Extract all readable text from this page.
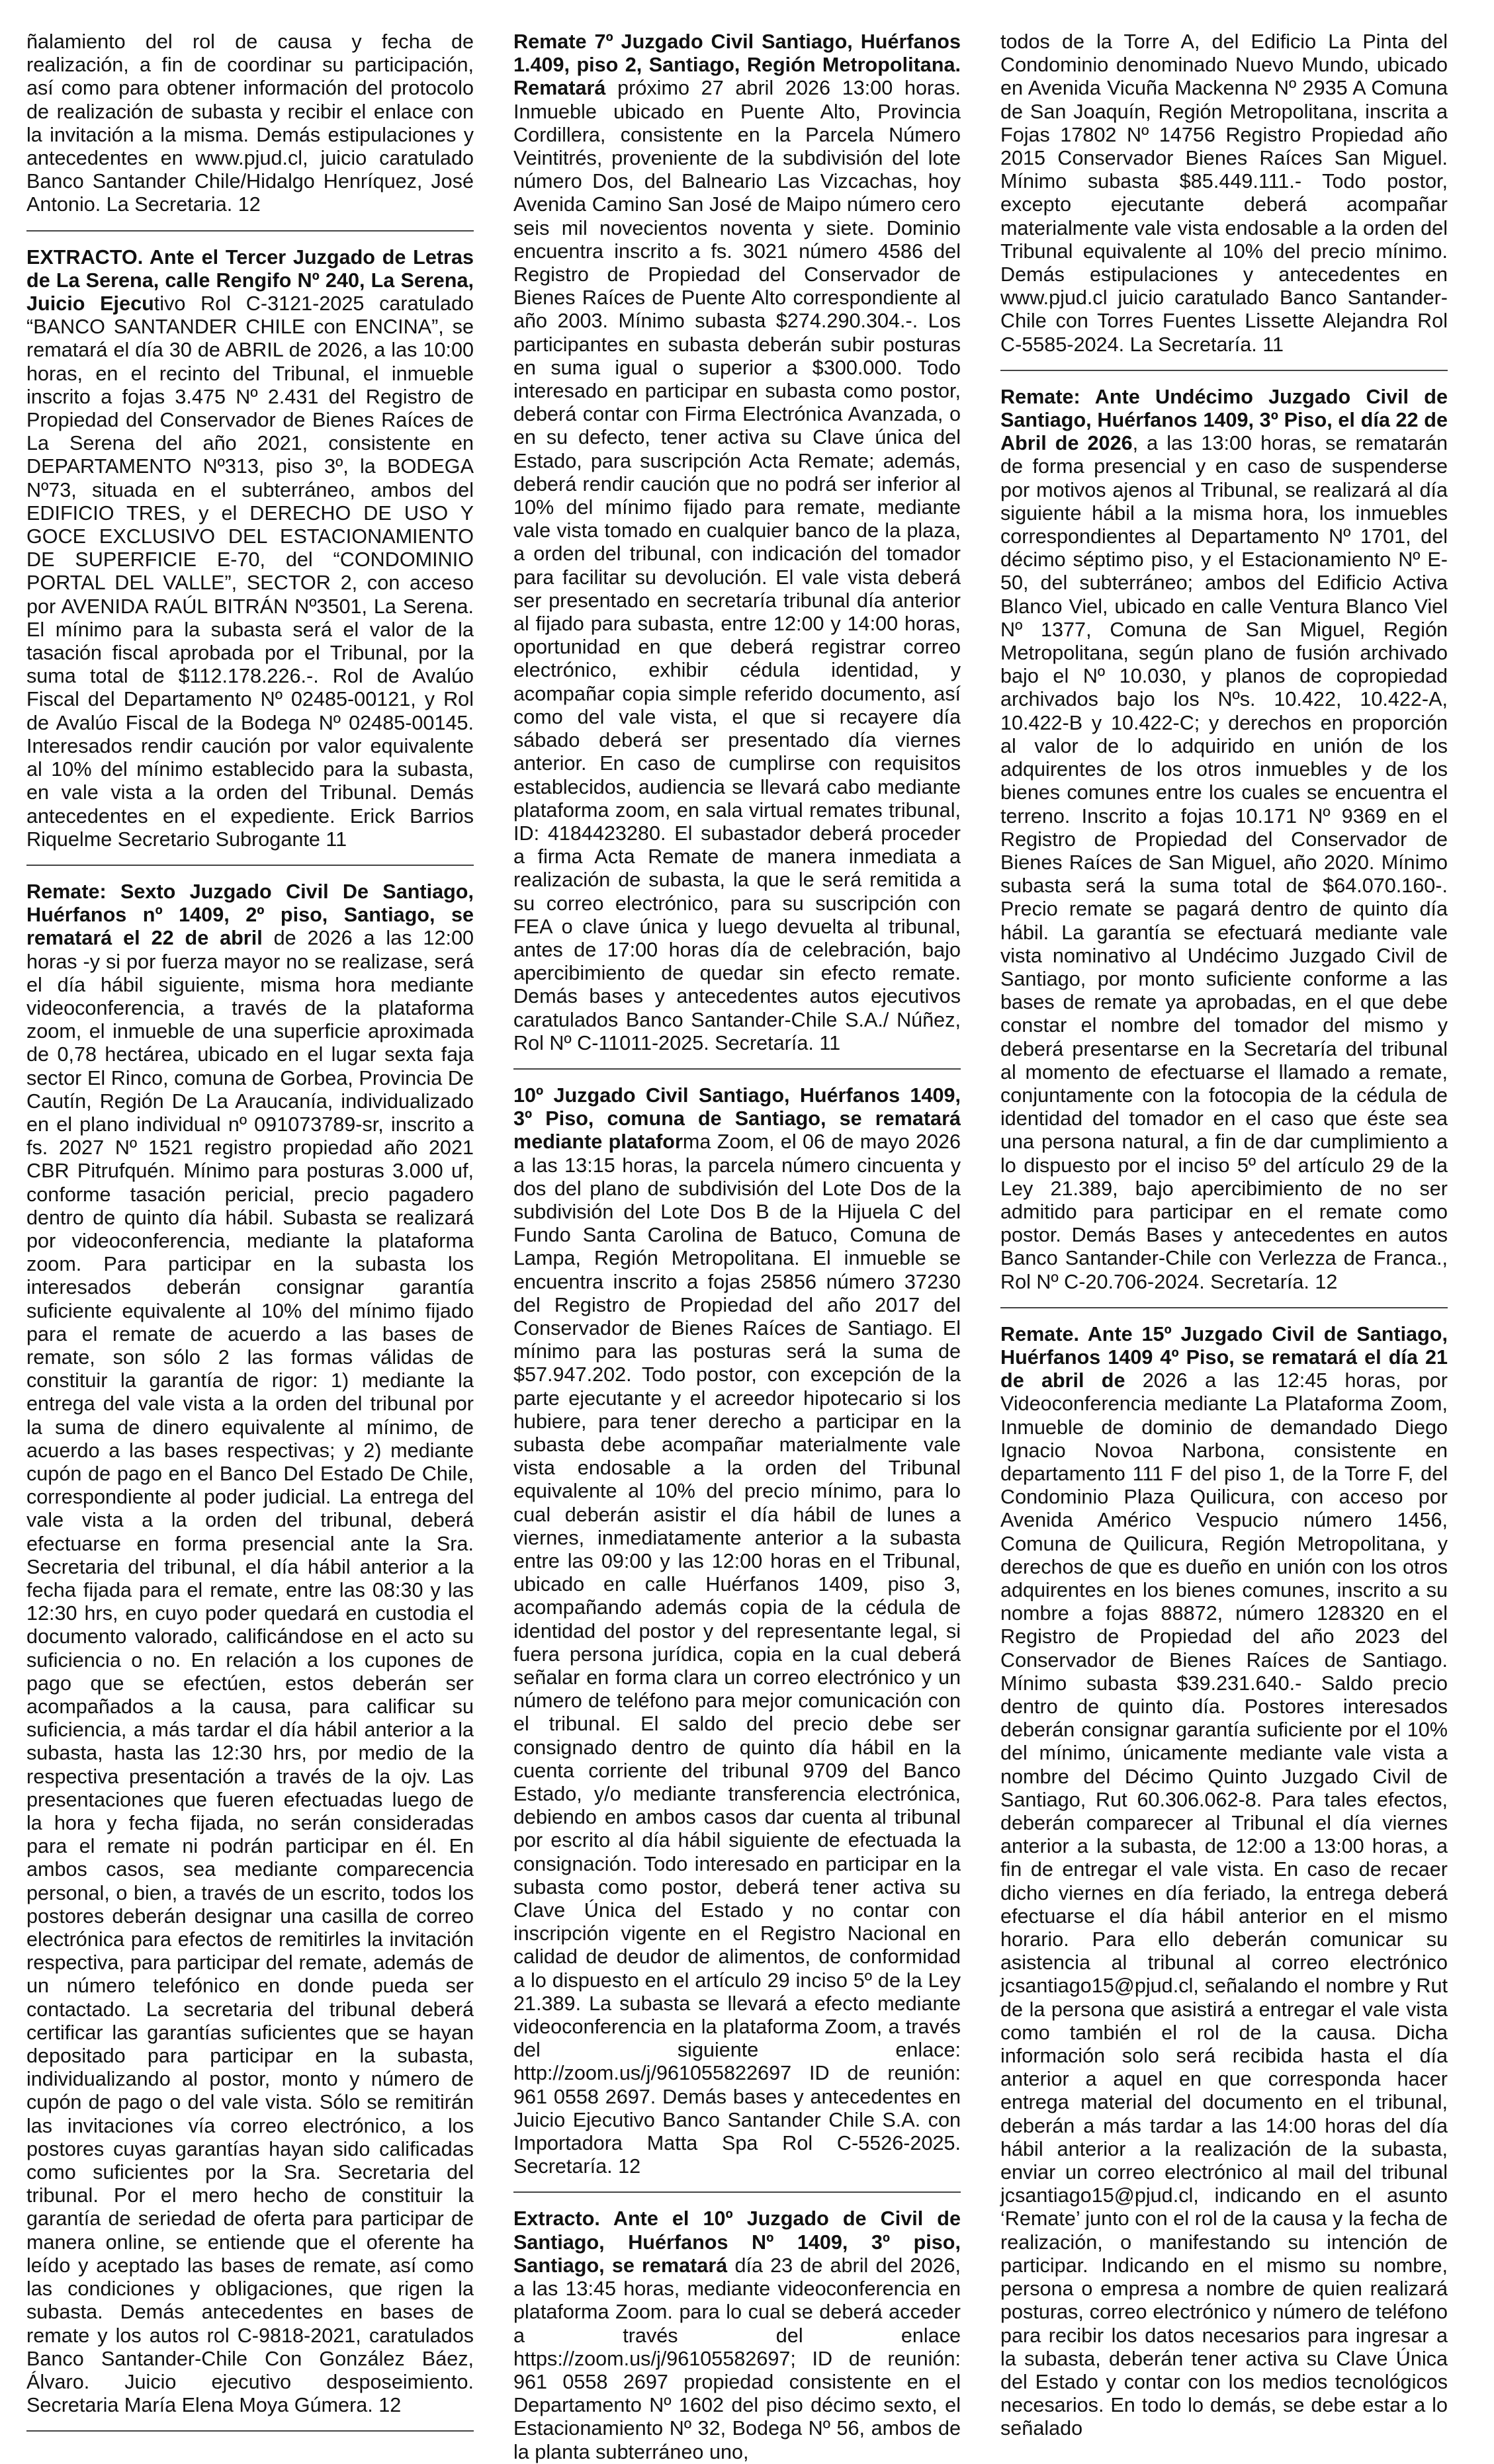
ñalamiento del rol de causa y fecha de realización, a fin de coordinar su participación, así como para obtener información del protocolo de realización de subasta y recibir el enlace con la invitación a la misma. Demás estipulaciones y antecedentes en www.pjud.cl, juicio caratulado Banco Santander Chile/Hidalgo Henríquez, José Antonio. La Secretaria. 12

EXTRACTO. Ante el Tercer Juzgado de Letras de La Serena, calle Rengifo Nº 240, La Serena, Juicio Ejecutivo Rol C-3121-2025 caratulado “BANCO SANTANDER CHILE con ENCINA”, se rematará el día 30 de ABRIL de 2026, a las 10:00 horas, en el recinto del Tribunal, el inmueble inscrito a fojas 3.475 Nº 2.431 del Registro de Propiedad del Conservador de Bienes Raíces de La Serena del año 2021, consistente en DEPARTAMENTO Nº313, piso 3º, la BODEGA Nº73, situada en el subterráneo, ambos del EDIFICIO TRES, y el DERECHO DE USO Y GOCE EXCLUSIVO DEL ESTACIONAMIENTO DE SUPERFICIE E-70, del “CONDOMINIO PORTAL DEL VALLE”, SECTOR 2, con acceso por AVENIDA RAÚL BITRÁN Nº3501, La Serena. El mínimo para la subasta será el valor de la tasación fiscal aprobada por el Tribunal, por la suma total de $112.178.226.-. Rol de Avalúo Fiscal del Departamento Nº 02485-00121, y Rol de Avalúo Fiscal de la Bodega Nº 02485-00145. Interesados rendir caución por valor equivalente al 10% del mínimo establecido para la subasta, en vale vista a la orden del Tribunal. Demás antecedentes en el expediente. Erick Barrios Riquelme Secretario Subrogante 11

Remate: Sexto Juzgado Civil De Santiago, Huérfanos nº 1409, 2º piso, Santiago, se rematará el 22 de abril de 2026 a las 12:00 horas -y si por fuerza mayor no se realizase, será el día hábil siguiente, misma hora mediante videoconferencia, a través de la plataforma zoom, el inmueble de una superficie aproximada de 0,78 hectárea, ubicado en el lugar sexta faja sector El Rinco, comuna de Gorbea, Provincia De Cautín, Región De La Araucanía, individualizado en el plano individual nº 091073789-sr, inscrito a fs. 2027 Nº 1521 registro propiedad año 2021 CBR Pitrufquén. Mínimo para posturas 3.000 uf, conforme tasación pericial, precio pagadero dentro de quinto día hábil. Subasta se realizará por videoconferencia, mediante la plataforma zoom. Para participar en la subasta los interesados deberán consignar garantía suficiente equivalente al 10% del mínimo fijado para el remate de acuerdo a las bases de remate, son sólo 2 las formas válidas de constituir la garantía de rigor: 1) mediante la entrega del vale vista a la orden del tribunal por la suma de dinero equivalente al mínimo, de acuerdo a las bases respectivas; y 2) mediante cupón de pago en el Banco Del Estado De Chile, correspondiente al poder judicial. La entrega del vale vista a la orden del tribunal, deberá efectuarse en forma presencial ante la Sra. Secretaria del tribunal, el día hábil anterior a la fecha fijada para el remate, entre las 08:30 y las 12:30 hrs, en cuyo poder quedará en custodia el documento valorado, calificándose en el acto su suficiencia o no. En relación a los cupones de pago que se efectúen, estos deberán ser acompañados a la causa, para calificar su suficiencia, a más tardar el día hábil anterior a la subasta, hasta las 12:30 hrs, por medio de la respectiva presentación a través de la ojv. Las presentaciones que fueren efectuadas luego de la hora y fecha fijada, no serán consideradas para el remate ni podrán participar en él. En ambos casos, sea mediante comparecencia personal, o bien, a través de un escrito, todos los postores deberán designar una casilla de correo electrónica para efectos de remitirles la invitación respectiva, para participar del remate, además de un número telefónico en donde pueda ser contactado. La secretaria del tribunal deberá certificar las garantías suficientes que se hayan depositado para participar en la subasta, individualizando al postor, monto y número de cupón de pago o del vale vista. Sólo se remitirán las invitaciones vía correo electrónico, a los postores cuyas garantías hayan sido calificadas como suficientes por la Sra. Secretaria del tribunal. Por el mero hecho de constituir la garantía de seriedad de oferta para participar de manera online, se entiende que el oferente ha leído y aceptado las bases de remate, así como las condiciones y obligaciones, que rigen la subasta. Demás antecedentes en bases de remate y los autos rol C-9818-2021, caratulados Banco Santander-Chile Con González Báez, Álvaro. Juicio ejecutivo desposeimiento. Secretaria María Elena Moya Gúmera. 12

Remate 7º Juzgado Civil Santiago, Huérfanos 1.409, piso 2, Santiago, Región Metropolitana. Rematará próximo 27 abril 2026 13:00 horas. Inmueble ubicado en Puente Alto, Provincia Cordillera, consistente en la Parcela Número Veintitrés, proveniente de la subdivisión del lote número Dos, del Balneario Las Vizcachas, hoy Avenida Camino San José de Maipo número cero seis mil novecientos noventa y siete. Dominio encuentra inscrito a fs. 3021 número 4586 del Registro de Propiedad del Conservador de Bienes Raíces de Puente Alto correspondiente al año 2003. Mínimo subasta $274.290.304.-. Los participantes en subasta deberán subir posturas en suma igual o superior a $300.000. Todo interesado en participar en subasta como postor, deberá contar con Firma Electrónica Avanzada, o en su defecto, tener activa su Clave única del Estado, para suscripción Acta Remate; además, deberá rendir caución que no podrá ser inferior al 10% del mínimo fijado para remate, mediante vale vista tomado en cualquier banco de la plaza, a orden del tribunal, con indicación del tomador para facilitar su devolución. El vale vista deberá ser presentado en secretaría tribunal día anterior al fijado para subasta, entre 12:00 y 14:00 horas, oportunidad en que deberá registrar correo electrónico, exhibir cédula identidad, y acompañar copia simple referido documento, así como del vale vista, el que si recayere día sábado deberá ser presentado día viernes anterior. En caso de cumplirse con requisitos establecidos, audiencia se llevará cabo mediante plataforma zoom, en sala virtual remates tribunal, ID: 4184423280. El subastador deberá proceder a firma Acta Remate de manera inmediata a realización de subasta, la que le será remitida a su correo electrónico, para su suscripción con FEA o clave única y luego devuelta al tribunal, antes de 17:00 horas día de celebración, bajo apercibimiento de quedar sin efecto remate. Demás bases y antecedentes autos ejecutivos caratulados Banco Santander-Chile S.A./ Núñez, Rol Nº C-11011-2025. Secretaría. 11

10º Juzgado Civil Santiago, Huérfanos 1409, 3º Piso, comuna de Santiago, se rematará mediante plataforma Zoom, el 06 de mayo 2026 a las 13:15 horas, la parcela número cincuenta y dos del plano de subdivisión del Lote Dos de la subdivisión del Lote Dos B de la Hijuela C del Fundo Santa Carolina de Batuco, Comuna de Lampa, Región Metropolitana. El inmueble se encuentra inscrito a fojas 25856 número 37230 del Registro de Propiedad del año 2017 del Conservador de Bienes Raíces de Santiago. El mínimo para las posturas será la suma de $57.947.202. Todo postor, con excepción de la parte ejecutante y el acreedor hipotecario si los hubiere, para tener derecho a participar en la subasta debe acompañar materialmente vale vista endosable a la orden del Tribunal equivalente al 10% del precio mínimo, para lo cual deberán asistir el día hábil de lunes a viernes, inmediatamente anterior a la subasta entre las 09:00 y las 12:00 horas en el Tribunal, ubicado en calle Huérfanos 1409, piso 3, acompañando además copia de la cédula de identidad del postor y del representante legal, si fuera persona jurídica, copia en la cual deberá señalar en forma clara un correo electrónico y un número de teléfono para mejor comunicación con el tribunal. El saldo del precio debe ser consignado dentro de quinto día hábil en la cuenta corriente del tribunal 9709 del Banco Estado, y/o mediante transferencia electrónica, debiendo en ambos casos dar cuenta al tribunal por escrito al día hábil siguiente de efectuada la consignación. Todo interesado en participar en la subasta como postor, deberá tener activa su Clave Única del Estado y no contar con inscripción vigente en el Registro Nacional en calidad de deudor de alimentos, de conformidad a lo dispuesto en el artículo 29 inciso 5º de la Ley 21.389. La subasta se llevará a efecto mediante videoconferencia en la plataforma Zoom, a través del siguiente enlace: http://zoom.us/j/96105582269​7 ID de reunión: 961 0558 2697. Demás bases y antecedentes en Juicio Ejecutivo Banco Santander Chile S.A. con Importadora Matta Spa Rol C-5526-2025. Secretaría. 12

Extracto. Ante el 10º Juzgado de Civil de Santiago, Huérfanos Nº 1409, 3º piso, Santiago, se rematará día 23 de abril del 2026, a las 13:45 horas, mediante videoconferencia en plataforma Zoom. para lo cual se deberá acceder a través del enlace https://zoom.us/j/96105582697; ID de reunión: 961 0558 2697 propiedad consistente en el Departamento Nº 1602 del piso décimo sexto, el Estacionamiento Nº 32, Bodega Nº 56, ambos de la planta subterráneo uno,

todos de la Torre A, del Edificio La Pinta del Condominio denominado Nuevo Mundo, ubicado en Avenida Vicuña Mackenna Nº 2935 A Comuna de San Joaquín, Región Metropolitana, inscrita a Fojas 17802 Nº 14756 Registro Propiedad año 2015 Conservador Bienes Raíces San Miguel. Mínimo subasta $85.449.111.- Todo postor, excepto ejecutante deberá acompañar materialmente vale vista endosable a la orden del Tribunal equivalente al 10% del precio mínimo. Demás estipulaciones y antecedentes en www.pjud.cl juicio caratulado Banco Santander-Chile con Torres Fuentes Lissette Alejandra Rol C-5585-2024. La Secretaría. 11

Remate: Ante Undécimo Juzgado Civil de Santiago, Huérfanos 1409, 3º Piso, el día 22 de Abril de 2026, a las 13:00 horas, se rematarán de forma presencial y en caso de suspenderse por motivos ajenos al Tribunal, se realizará al día siguiente hábil a la misma hora, los inmuebles correspondientes al Departamento Nº 1701, del décimo séptimo piso, y el Estacionamiento Nº E-50, del subterráneo; ambos del Edificio Activa Blanco Viel, ubicado en calle Ventura Blanco Viel Nº 1377, Comuna de San Miguel, Región Metropolitana, según plano de fusión archivado bajo el Nº 10.030, y planos de copropiedad archivados bajo los Nºs. 10.422, 10.422-A, 10.422-B y 10.422-C; y derechos en proporción al valor de lo adquirido en unión de los adquirentes de los otros inmuebles y de los bienes comunes entre los cuales se encuentra el terreno. Inscrito a fojas 10.171 Nº 9369 en el Registro de Propiedad del Conservador de Bienes Raíces de San Miguel, año 2020. Mínimo subasta será la suma total de $64.070.160-. Precio remate se pagará dentro de quinto día hábil. La garantía se efectuará mediante vale vista nominativo al Undécimo Juzgado Civil de Santiago, por monto suficiente conforme a las bases de remate ya aprobadas, en el que debe constar el nombre del tomador del mismo y deberá presentarse en la Secretaría del tribunal al momento de efectuarse el llamado a remate, conjuntamente con la fotocopia de la cédula de identidad del tomador en el caso que éste sea una persona natural, a fin de dar cumplimiento a lo dispuesto por el inciso 5º del artículo 29 de la Ley 21.389, bajo apercibimiento de no ser admitido para participar en el remate como postor. Demás Bases y antecedentes en autos Banco Santander-Chile con Verlezza de Franca., Rol Nº C-20.706-2024. Secretaría. 12

Remate. Ante 15º Juzgado Civil de Santiago, Huérfanos 1409 4º Piso, se rematará el día 21 de abril de 2026 a las 12:45 horas, por Videoconferencia mediante La Plataforma Zoom, Inmueble de dominio de demandado Diego Ignacio Novoa Narbona, consistente en departamento 111 F del piso 1, de la Torre F, del Condominio Plaza Quilicura, con acceso por Avenida Américo Vespucio número 1456, Comuna de Quilicura, Región Metropolitana, y derechos de que es dueño en unión con los otros adquirentes en los bienes comunes, inscrito a su nombre a fojas 88872, número 128320 en el Registro de Propiedad del año 2023 del Conservador de Bienes Raíces de Santiago. Mínimo subasta $39.231.640.- Saldo precio dentro de quinto día. Postores interesados deberán consignar garantía suficiente por el 10% del mínimo, únicamente mediante vale vista a nombre del Décimo Quinto Juzgado Civil de Santiago, Rut 60.306.062-8. Para tales efectos, deberán comparecer al Tribunal el día viernes anterior a la subasta, de 12:00 a 13:00 horas, a fin de entregar el vale vista. En caso de recaer dicho viernes en día feriado, la entrega deberá efectuarse el día hábil anterior en el mismo horario. Para ello deberán comunicar su asistencia al tribunal al correo electrónico jcsantiago15@pjud.cl, señalando el nombre y Rut de la persona que asistirá a entregar el vale vista como también el rol de la causa. Dicha información solo será recibida hasta el día anterior a aquel en que corresponda hacer entrega material del documento en el tribunal, deberán a más tardar a las 14:00 horas del día hábil anterior a la realización de la subasta, enviar un correo electrónico al mail del tribunal jcsantiago15@pjud.cl, indicando en el asunto ‘Remate’ junto con el rol de la causa y la fecha de realización, o manifestando su intención de participar. Indicando en el mismo su nombre, persona o empresa a nombre de quien realizará posturas, correo electrónico y número de teléfono para recibir los datos necesarios para ingresar a la subasta, deberán tener activa su Clave Única del Estado y contar con los medios tecnológicos necesarios. En todo lo demás, se debe estar a lo señalado
